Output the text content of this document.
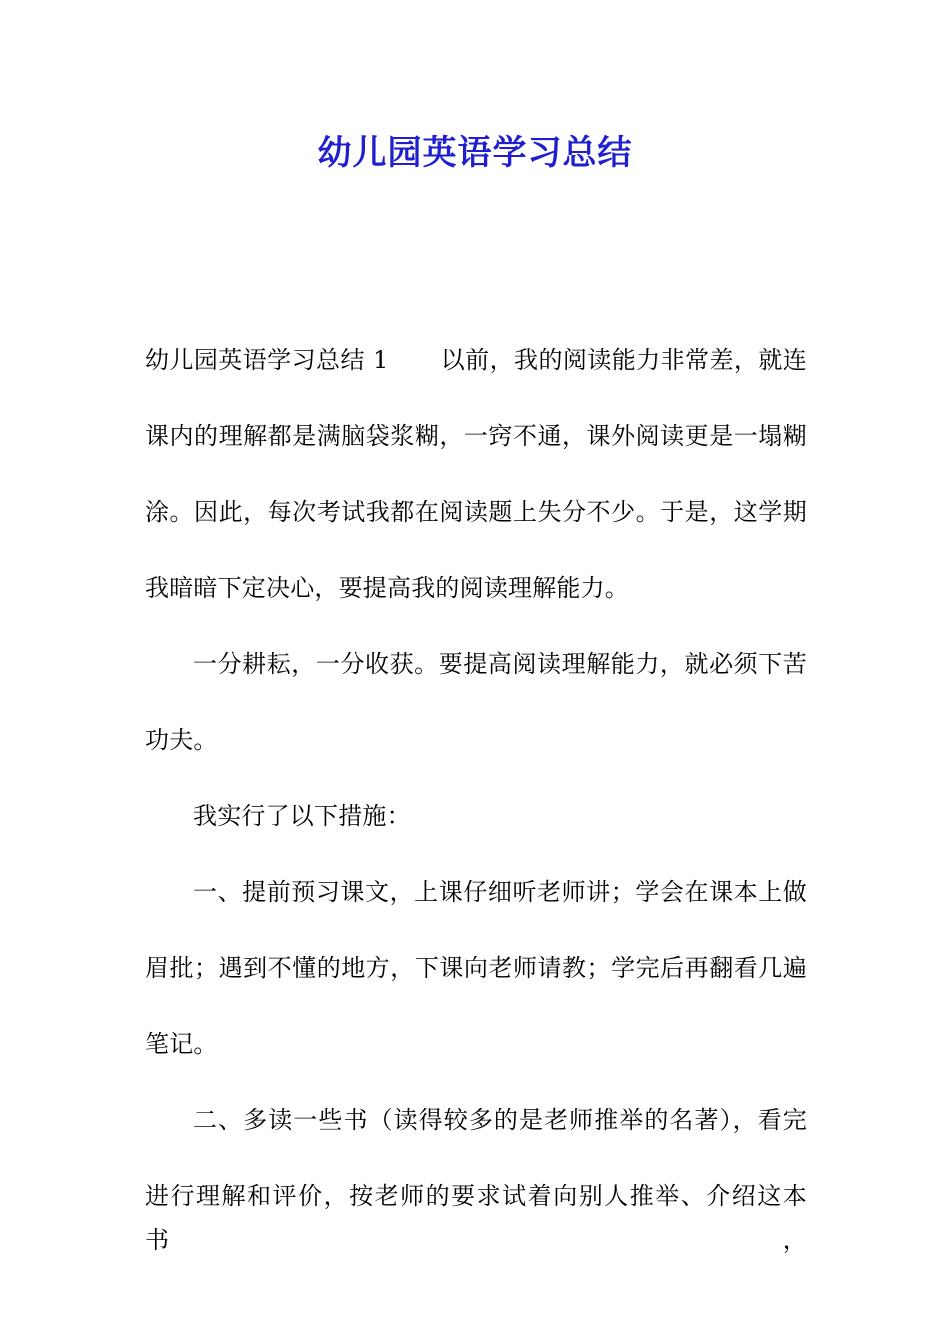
幼儿园英语学习总结
幼儿园英语学习总结 1 以前，我的阅读能力非常差，就连
课内的理解都是满脑袋浆糊，一窍不通，课外阅读更是一塌糊
涂。因此，每次考试我都在阅读题上失分不少。于是，这学期
我暗暗下定决心，要提高我的阅读理解能力。
一分耕耘，一分收获。要提高阅读理解能力，就必须下苦
功夫。
我实行了以下措施：
一、提前预习课文，上课仔细听老师讲；学会在课本上做
眉批；遇到不懂的地方，下课向老师请教；学完后再翻看几遍
笔记。
二、多读一些书（读得较多的是老师推举的名著），看完
进行理解和评价，按老师的要求试着向别人推举、介绍这本书，
